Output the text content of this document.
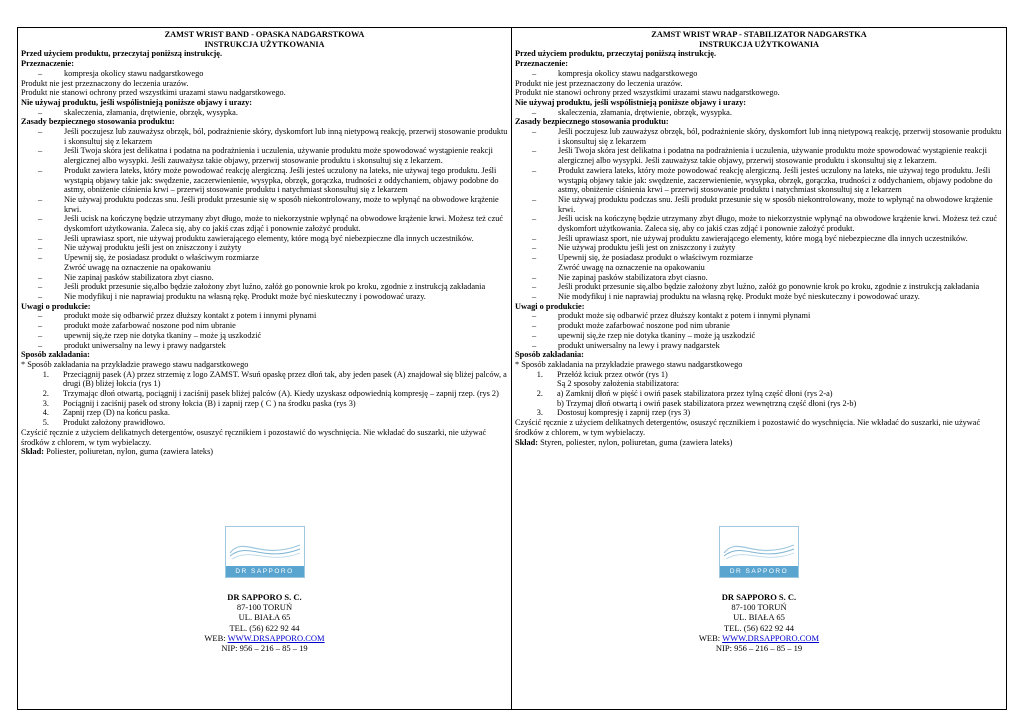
ZAMST WRIST BAND - OPASKA NADGARSTKOWA
INSTRUKCJA UŻYTKOWANIA
Przed użyciem produktu, przeczytaj poniższą instrukcję.
Przeznaczenie:
–	kompresja okolicy stawu nadgarstkowego
Produkt nie jest przeznaczony do leczenia urazów.
Produkt nie stanowi ochrony przed wszystkimi urazami stawu nadgarstkowego.
Nie używaj produktu, jeśli wspólistnieją poniższe objawy i urazy:
–	skaleczenia, złamania, drętwienie, obrzęk, wysypka.
Zasady bezpiecznego stosowania produktu:
–	Jeśli poczujesz lub zauważysz obrzęk, ból, podrażnienie skóry, dyskomfort lub inną nietypową reakcję, przerwij stosowanie produktu i skonsultuj się z lekarzem
–	Jeśli Twoja skóra jest delikatna i podatna na podrażnienia i uczulenia, używanie produktu może spowodować wystąpienie reakcji alergicznej albo wysypki. Jeśli zauważysz takie objawy, przerwij stosowanie produktu i skonsultuj się z lekarzem.
–	Produkt zawiera lateks, który może powodować reakcję alergiczną. Jeśli jesteś uczulony na lateks, nie używaj tego produktu. Jeśli wystąpią objawy takie jak: swędzenie, zaczerwienienie, wysypka, obrzęk, gorączka, trudności z oddychaniem, objawy podobne do astmy, obniżenie ciśnienia krwi – przerwij stosowanie produktu i natychmiast skonsultuj się z lekarzem
–	Nie używaj produktu podczas snu. Jeśli produkt przesunie się w sposób niekontrolowany, może to wpłynąć na obwodowe krążenie krwi.
–	Jeśli ucisk na kończynę będzie utrzymany zbyt długo, może to niekorzystnie wpłynąć na obwodowe krążenie krwi. Możesz też czuć dyskomfort użytkowania. Zaleca się, aby co jakiś czas zdjąć i ponownie założyć produkt.
–	Jeśli uprawiasz sport, nie używaj produktu zawierającego elementy, które mogą być niebezpieczne dla innych uczestników.
–	Nie używaj produktu jeśli jest on zniszczony i zużyty
–	Upewnij się, że posiadasz produkt o właściwym rozmiarze
Zwróć uwagę na oznaczenie na opakowaniu
–	Nie zapinaj pasków stabilizatora zbyt ciasno.
–	Jeśli produkt przesunie się,albo będzie założony zbyt luźno, załóż go ponownie krok po kroku, zgodnie z instrukcją zakładania
–	Nie modyfikuj i nie naprawiaj produktu na własną rękę. Produkt może być nieskuteczny i powodować urazy.
Uwagi o produkcie:
–	produkt może się odbarwić przez dłuższy kontakt z potem i innymi płynami
–	produkt może zafarbować noszone pod nim ubranie
–	upewnij się,że rzep nie dotyka tkaniny – może ją uszkodzić
–	produkt uniwersalny na lewy i prawy nadgarstek
Sposób zakładania:
* Sposób zakładania na przykładzie prawego stawu nadgarstkowego
1.	Przeciągnij pasek (A) przez strzemię z logo ZAMST. Wsuń opaskę przez dłoń tak, aby jeden pasek (A) znajdował się bliżej palców, a drugi (B) bliżej łokcia (rys 1)
2.	Trzymając dłoń otwartą, pociągnij i zaciśnij pasek bliżej palców (A). Kiedy uzyskasz odpowiednią kompresję – zapnij rzep. (rys 2)
3.	Pociągnij i zaciśnij pasek od strony łokcia (B) i zapnij rzep ( C ) na środku paska (rys 3)
4.	Zapnij rzep (D) na końcu paska.
5.	Produkt założony prawidłowo.
Czyścić ręcznie z użyciem delikatnych detergentów, osuszyć ręcznikiem i pozostawić do wyschnięcia. Nie wkładać do suszarki, nie używać środków z chlorem, w tym wybielaczy.
Skład: Poliester, poliuretan, nylon, guma (zawiera lateks)
DR SAPPORO
DR SAPPORO S. C.
87-100 TORUŃ
UL. BIAŁA 65
TEL. (56) 622 92 44
WEB: WWW.DRSAPPORO.COM
NIP: 956 – 216 – 85 – 19
ZAMST WRIST WRAP - STABILIZATOR NADGARSTKA
INSTRUKCJA UŻYTKOWANIA
Przed użyciem produktu, przeczytaj poniższą instrukcję.
Przeznaczenie:
–	kompresja okolicy stawu nadgarstkowego
Produkt nie jest przeznaczony do leczenia urazów.
Produkt nie stanowi ochrony przed wszystkimi urazami stawu nadgarstkowego.
Nie używaj produktu, jeśli wspólistnieją poniższe objawy i urazy:
–	skaleczenia, złamania, drętwienie, obrzęk, wysypka.
Zasady bezpiecznego stosowania produktu:
–	Jeśli poczujesz lub zauważysz obrzęk, ból, podrażnienie skóry, dyskomfort lub inną nietypową reakcję, przerwij stosowanie produktu i skonsultuj się z lekarzem
–	Jeśli Twoja skóra jest delikatna i podatna na podrażnienia i uczulenia, używanie produktu może spowodować wystąpienie reakcji alergicznej albo wysypki. Jeśli zauważysz takie objawy, przerwij stosowanie produktu i skonsultuj się z lekarzem.
–	Produkt zawiera lateks, który może powodować reakcję alergiczną. Jeśli jesteś uczulony na lateks, nie używaj tego produktu. Jeśli wystąpią objawy takie jak: swędzenie, zaczerwienienie, wysypka, obrzęk, gorączka, trudności z oddychaniem, objawy podobne do astmy, obniżenie ciśnienia krwi – przerwij stosowanie produktu i natychmiast skonsultuj się z lekarzem
–	Nie używaj produktu podczas snu. Jeśli produkt przesunie się w sposób niekontrolowany, może to wpłynąć na obwodowe krążenie krwi.
–	Jeśli ucisk na kończynę będzie utrzymany zbyt długo, może to niekorzystnie wpłynąć na obwodowe krążenie krwi. Możesz też czuć dyskomfort użytkowania. Zaleca się, aby co jakiś czas zdjąć i ponownie założyć produkt.
–	Jeśli uprawiasz sport, nie używaj produktu zawierającego elementy, które mogą być niebezpieczne dla innych uczestników.
–	Nie używaj produktu jeśli jest on zniszczony i zużyty
–	Upewnij się, że posiadasz produkt o właściwym rozmiarze
Zwróć uwagę na oznaczenie na opakowaniu
–	Nie zapinaj pasków stabilizatora zbyt ciasno.
–	Jeśli produkt przesunie się,albo będzie założony zbyt luźno, załóż go ponownie krok po kroku, zgodnie z instrukcją zakładania
–	Nie modyfikuj i nie naprawiaj produktu na własną rękę. Produkt może być nieskuteczny i powodować urazy.
Uwagi o produkcie:
–	produkt może się odbarwić przez dłuższy kontakt z potem i innymi płynami
–	produkt może zafarbować noszone pod nim ubranie
–	upewnij się,że rzep nie dotyka tkaniny – może ją uszkodzić
–	produkt uniwersalny na lewy i prawy nadgarstek
Sposób zakładania:
* Sposób zakładania na przykładzie prawego stawu nadgarstkowego
1.	Przełóż kciuk przez otwór (rys 1)
Są 2 sposoby założenia stabilizatora:
2.	a) Zamknij dłoń w pięść i owiń pasek stabilizatora przez tylną część dłoni (rys 2-a)
b) Trzymaj dłoń otwartą i owiń pasek stabilizatora przez wewnętrzną część dłoni (rys 2-b)
3.	Dostosuj kompresję i zapnij rzep (rys 3)
Czyścić ręcznie z użyciem delikatnych detergentów, osuszyć ręcznikiem i pozostawić do wyschnięcia. Nie wkładać do suszarki, nie używać środków z chlorem, w tym wybielaczy.
Skład: Styren, poliester, nylon, poliuretan, guma (zawiera lateks)
DR SAPPORO
DR SAPPORO S. C.
87-100 TORUŃ
UL. BIAŁA 65
TEL. (56) 622 92 44
WEB: WWW.DRSAPPORO.COM
NIP: 956 – 216 – 85 – 19
